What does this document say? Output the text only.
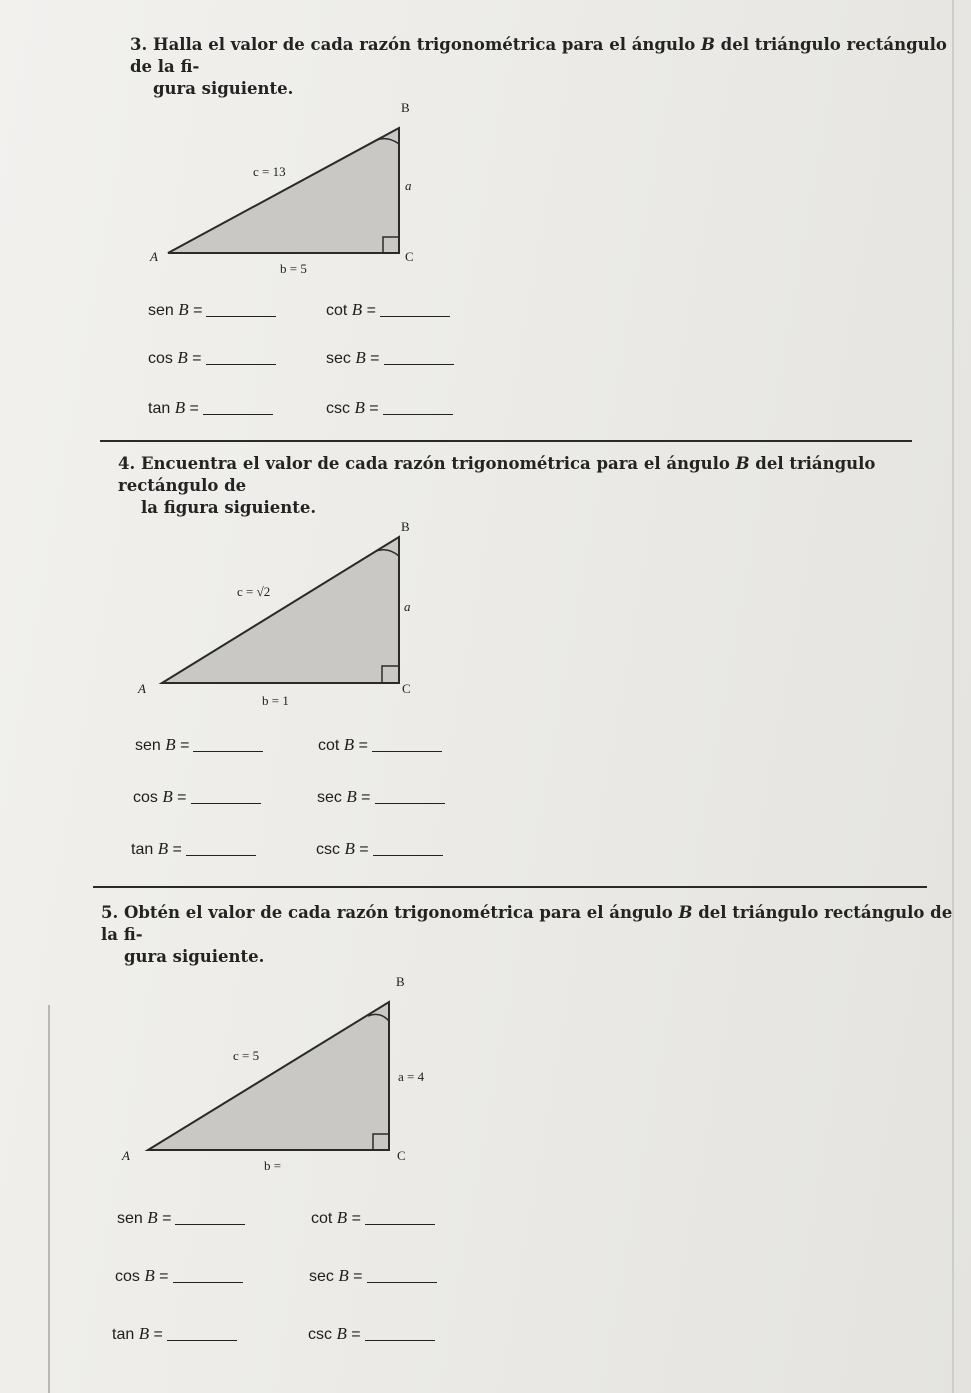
3. Halla el valor de cada razón trigonométrica para el ángulo B del triángulo rectángulo de la fi-
gura siguiente.
B
A	C
c = 13
a
b = 5
B
A	C
c = √2
a
b = 1
B
A	C
c = 5
a = 4
b =
sen B =	cot B =
cos B =	sec B =
tan B =	csc B =
4. Encuentra el valor de cada razón trigonométrica para el ángulo B del triángulo rectángulo de
la figura siguiente.
sen B =	cot B =
cos B =	sec B =
tan B =	csc B =
5. Obtén el valor de cada razón trigonométrica para el ángulo B del triángulo rectángulo de la fi-
gura siguiente.
sen B =	cot B =
cos B =	sec B =
tan B =	csc B =
